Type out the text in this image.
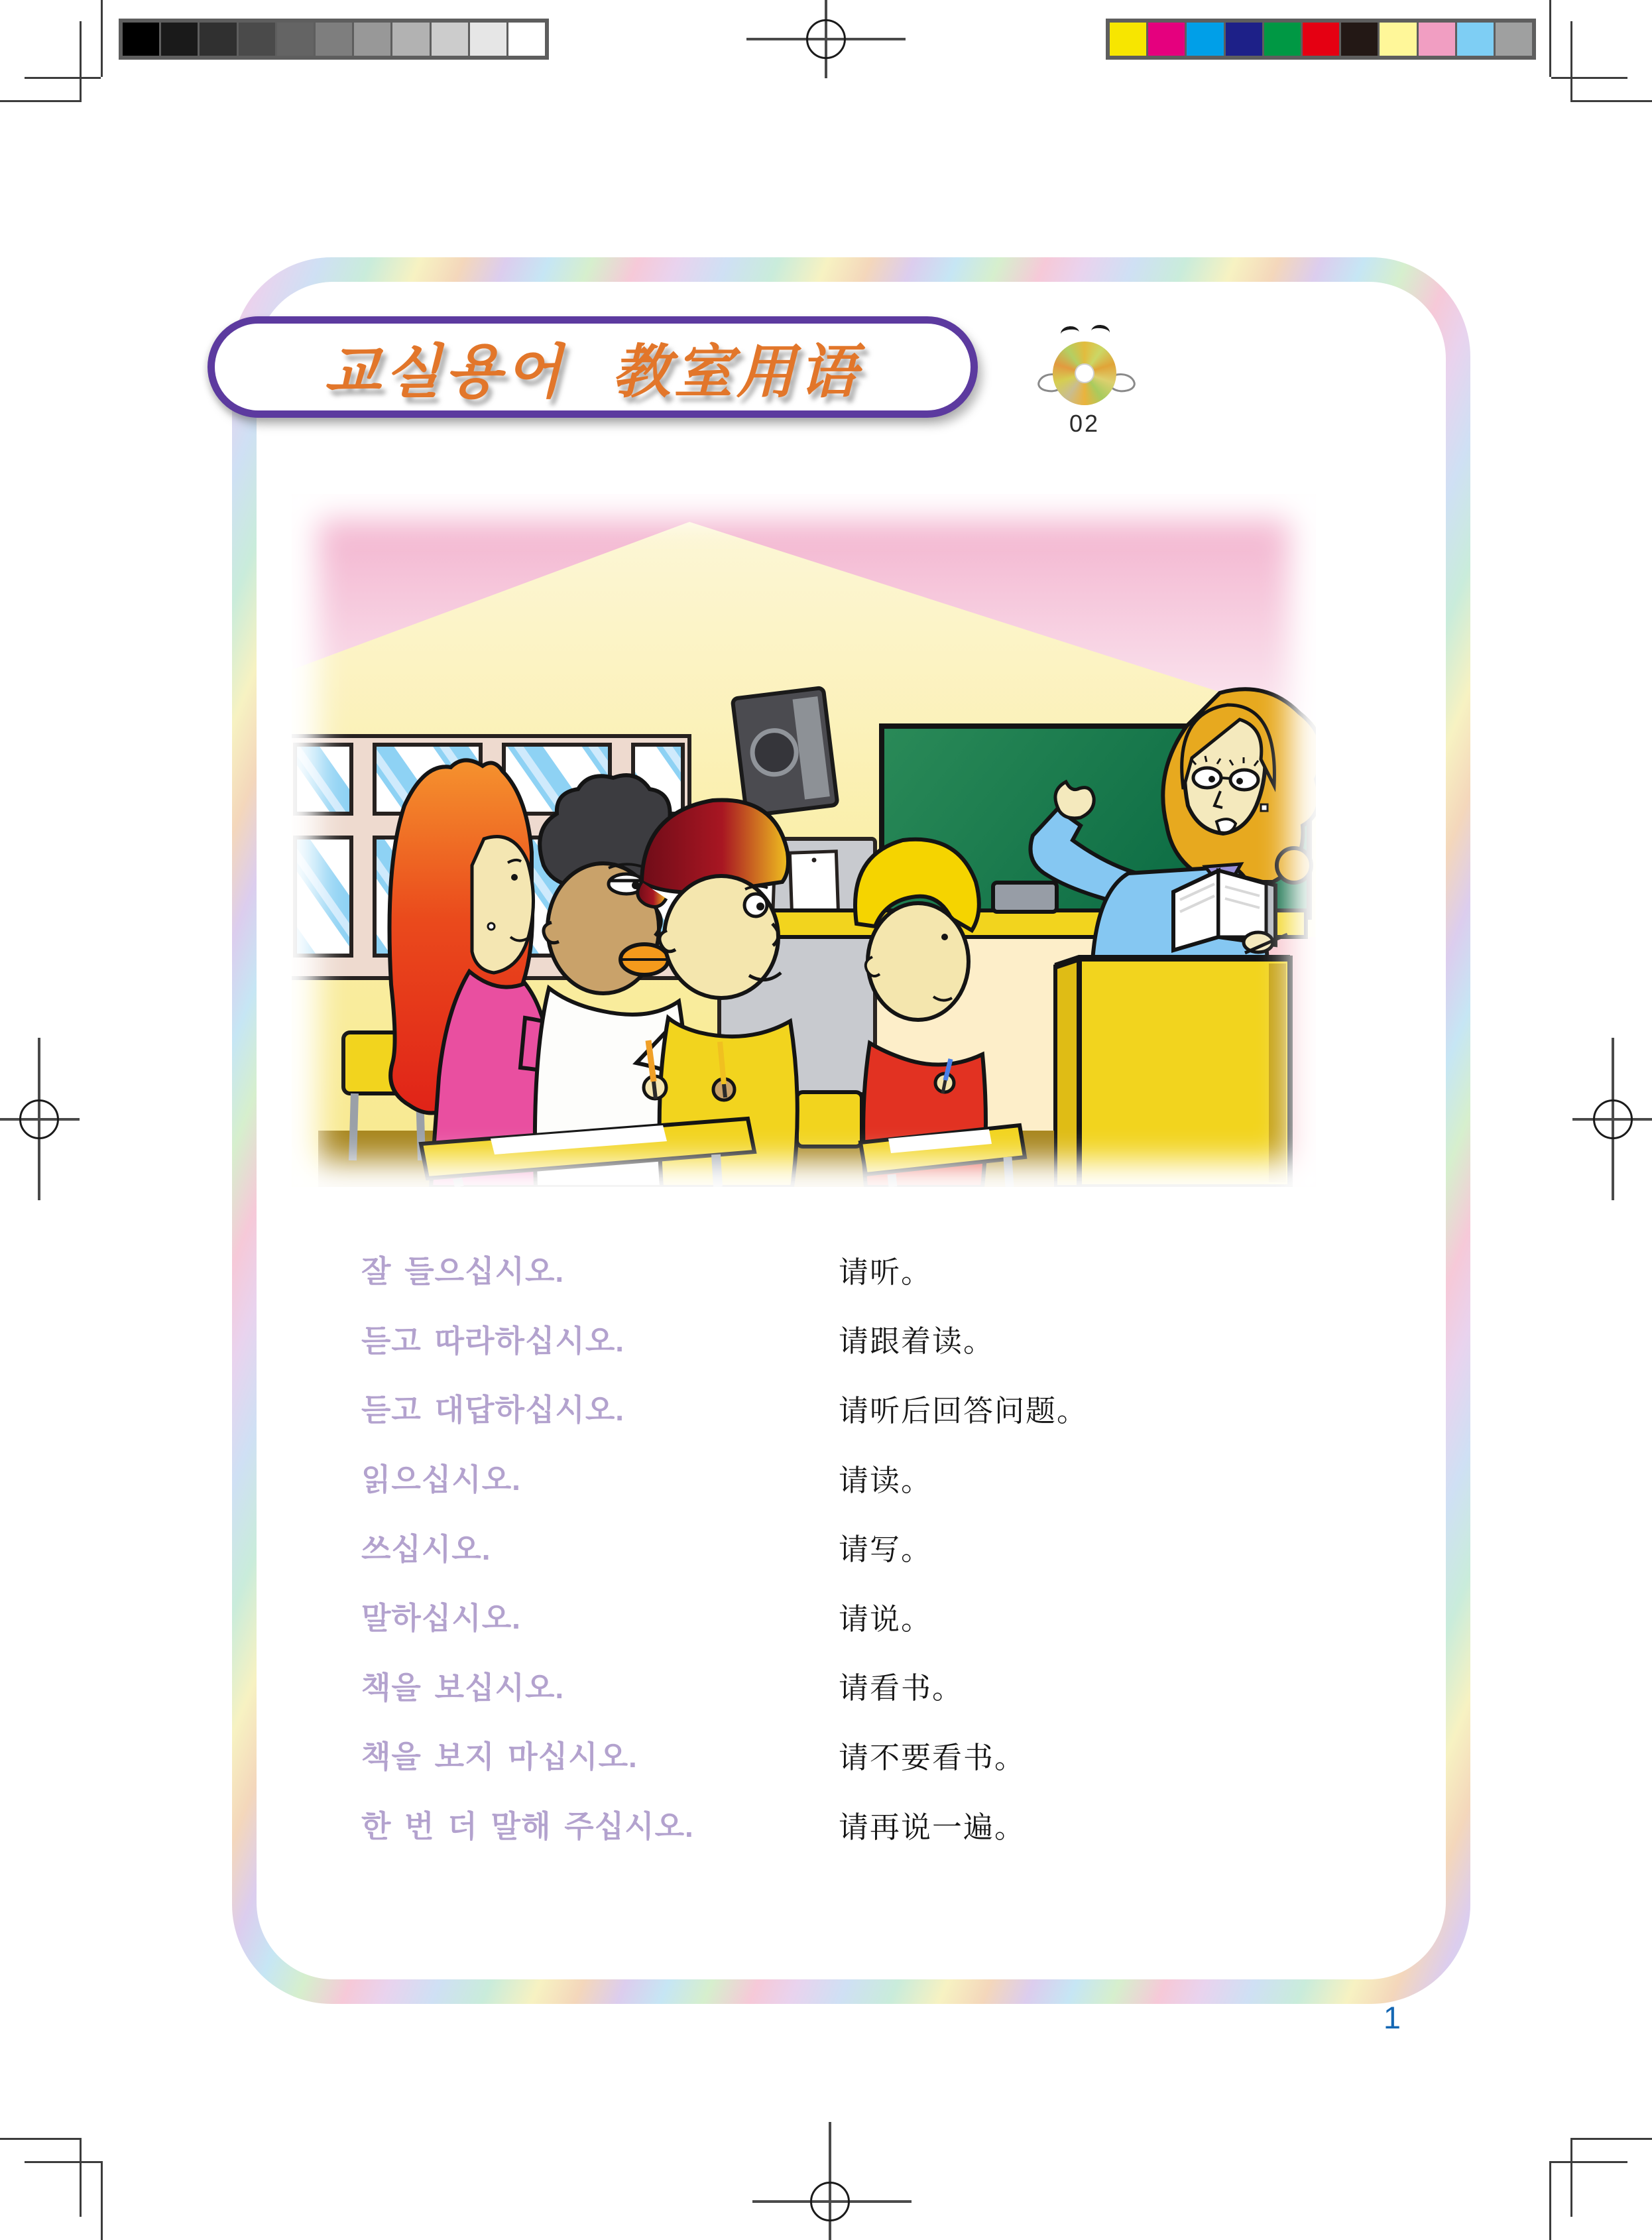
교실용어 教室用语
02
잘 들으십시오.	请听。
듣고 따라하십시오.	请跟着读。
듣고 대답하십시오.	请听后回答问题。
읽으십시오.	请读。
쓰십시오.	请写。
말하십시오.	请说。
책을 보십시오.	请看书。
책을 보지 마십시오.	请不要看书。
한 번 더 말해 주십시오.	请再说一遍。
1
